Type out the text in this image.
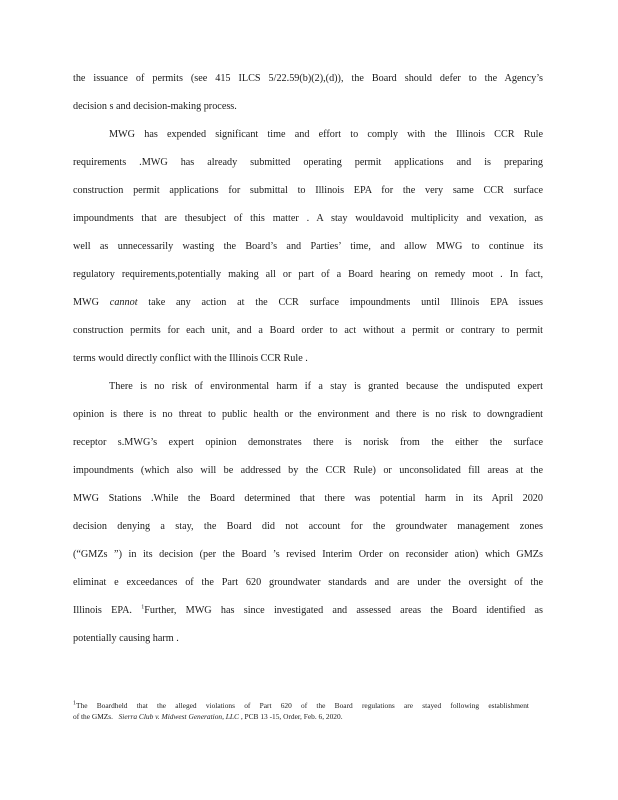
the issuance of permits (see 415 ILCS 5/22.59(b)(2),(d)), the Board should defer to the Agency’s
decision s and decision-making process.
MWG has expended significant time and effort to comply with the Illinois CCR Rule
requirements .MWG has already submitted operating permit applications and is preparing
construction permit applications for submittal to Illinois EPA for the very same CCR surface
impoundments that are thesubject of this matter . A stay wouldavoid multiplicity and vexation, as
well as unnecessarily wasting the Board’s and Parties’ time, and allow MWG to continue its
regulatory requirements,potentially making all or part of a Board hearing on remedy moot . In fact,
MWG cannot take any action at the CCR surface impoundments until Illinois EPA issues
construction permits for each unit, and a Board order to act without a permit or contrary to permit
terms would directly conflict with the Illinois CCR Rule .
There is no risk of environmental harm if a stay is granted because the undisputed expert
opinion is there is no threat to public health or the environment and there is no risk to downgradient
receptor s.MWG’s expert opinion demonstrates there is norisk from the either the surface
impoundments (which also will be addressed by the CCR Rule) or unconsolidated fill areas at the
MWG Stations .While the Board determined that there was potential harm in its April 2020
decision denying a stay, the Board did not account for the groundwater management zones
(“GMZs ”) in its decision (per the Board ’s revised Interim Order on reconsider ation) which GMZs
eliminat e exceedances of the Part 620 groundwater standards and are under the oversight of the
Illinois EPA. $^1$Further, MWG has since investigated and assessed areas the Board identified as
potentially causing harm .
$^1$The Boardheld that the alleged violations of Part 620 of the Board regulations are stayed following establishment
of the GMZs. Sierra Club v. Midwest Generation, LLC , PCB 13 -15, Order, Feb. 6, 2020.
